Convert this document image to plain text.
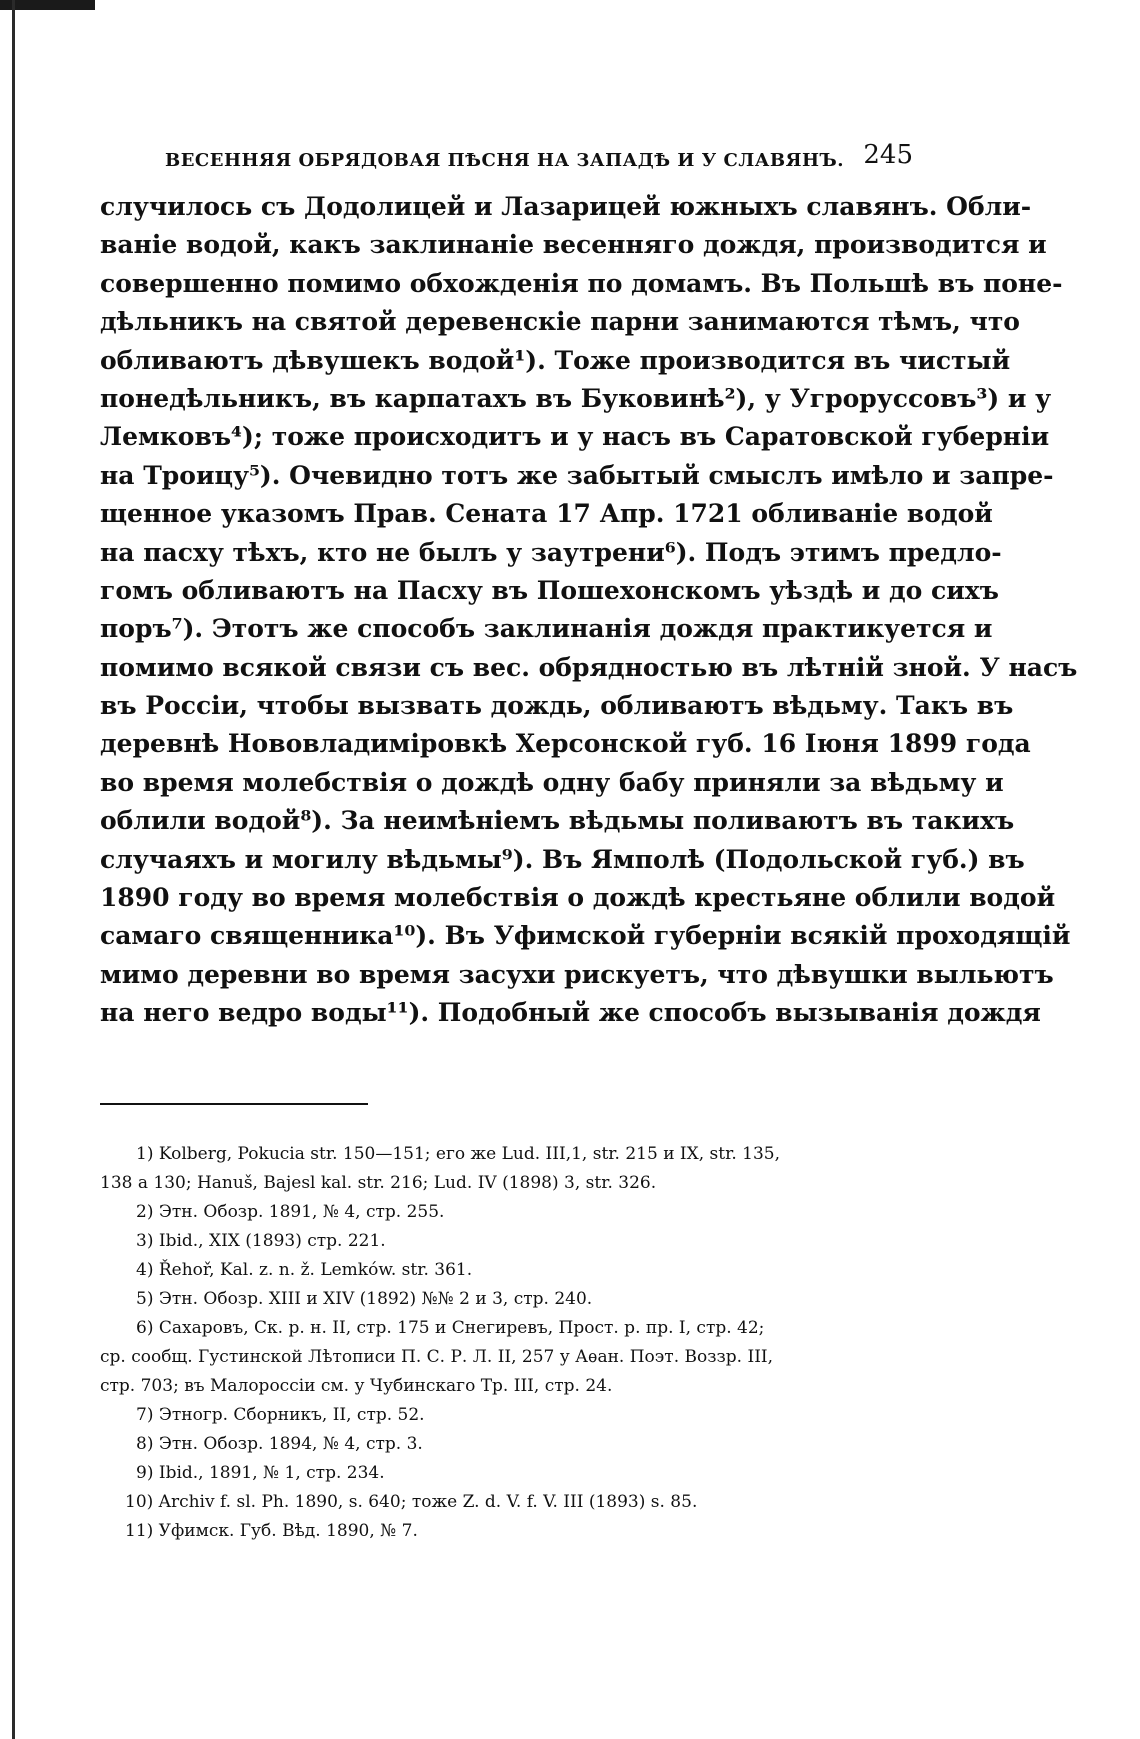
ВЕСЕННЯЯ ОБРЯДОВАЯ ПѢСНЯ НА ЗАПАДѢ И У СЛАВЯНЪ. 245
случилось съ Додолицей и Лазарицей южныхъ славянъ. Обли-
ваніе водой, какъ заклинаніе весенняго дождя, производится и
совершенно помимо обхожденія по домамъ. Въ Польшѣ въ поне-
дѣльникъ на святой деревенскіе парни занимаются тѣмъ, что
обливаютъ дѣвушекъ водой¹). Тоже производится въ чистый
понедѣльникъ, въ карпатахъ въ Буковинѣ²), у Угроруссовъ³) и у
Лемковъ⁴); тоже происходитъ и у насъ въ Саратовской губерніи
на Троицу⁵). Очевидно тотъ же забытый смыслъ имѣло и запре-
щенное указомъ Прав. Сената 17 Апр. 1721 обливаніе водой
на пасху тѣхъ, кто не былъ у заутрени⁶). Подъ этимъ предло-
гомъ обливаютъ на Пасху въ Пошехонскомъ уѣздѣ и до сихъ
поръ⁷). Этотъ же способъ заклинанія дождя практикуется и
помимо всякой связи съ вес. обрядностью въ лѣтній зной. У насъ
въ Россіи, чтобы вызвать дождь, обливаютъ вѣдьму. Такъ въ
деревнѣ Нововладиміровкѣ Херсонской губ. 16 Іюня 1899 года
во время молебствія о дождѣ одну бабу приняли за вѣдьму и
облили водой⁸). За неимѣніемъ вѣдьмы поливаютъ въ такихъ
случаяхъ и могилу вѣдьмы⁹). Въ Ямполѣ (Подольской губ.) въ
1890 году во время молебствія о дождѣ крестьяне облили водой
самаго священника¹⁰). Въ Уфимской губерніи всякій проходящій
мимо деревни во время засухи рискуетъ, что дѣвушки выльютъ
на него ведро воды¹¹). Подобный же способъ вызыванія дождя
1) Kolberg, Pokucia str. 150—151; его же Lud. III,1, str. 215 и IX, str. 135,
138 a 130; Hanuš, Bajesl kal. str. 216; Lud. IV (1898) 3, str. 326.
2) Этн. Обозр. 1891, № 4, стр. 255.
3) Ibid., XIX (1893) стр. 221.
4) Řehoř, Kal. z. n. ž. Lemków. str. 361.
5) Этн. Обозр. XIII и XIV (1892) №№ 2 и 3, стр. 240.
6) Сахаровъ, Ск. р. н. II, стр. 175 и Снегиревъ, Прост. р. пр. I, стр. 42;
ср. сообщ. Густинской Лѣтописи П. С. Р. Л. II, 257 у Аѳан. Поэт. Воззр. III,
стр. 703; въ Малороссіи см. у Чубинскаго Тр. III, стр. 24.
7) Этногр. Сборникъ, II, стр. 52.
8) Этн. Обозр. 1894, № 4, стр. 3.
9) Ibid., 1891, № 1, стр. 234.
10) Archiv f. sl. Ph. 1890, s. 640; тоже Z. d. V. f. V. III (1893) s. 85.
11) Уфимск. Губ. Вѣд. 1890, № 7.
